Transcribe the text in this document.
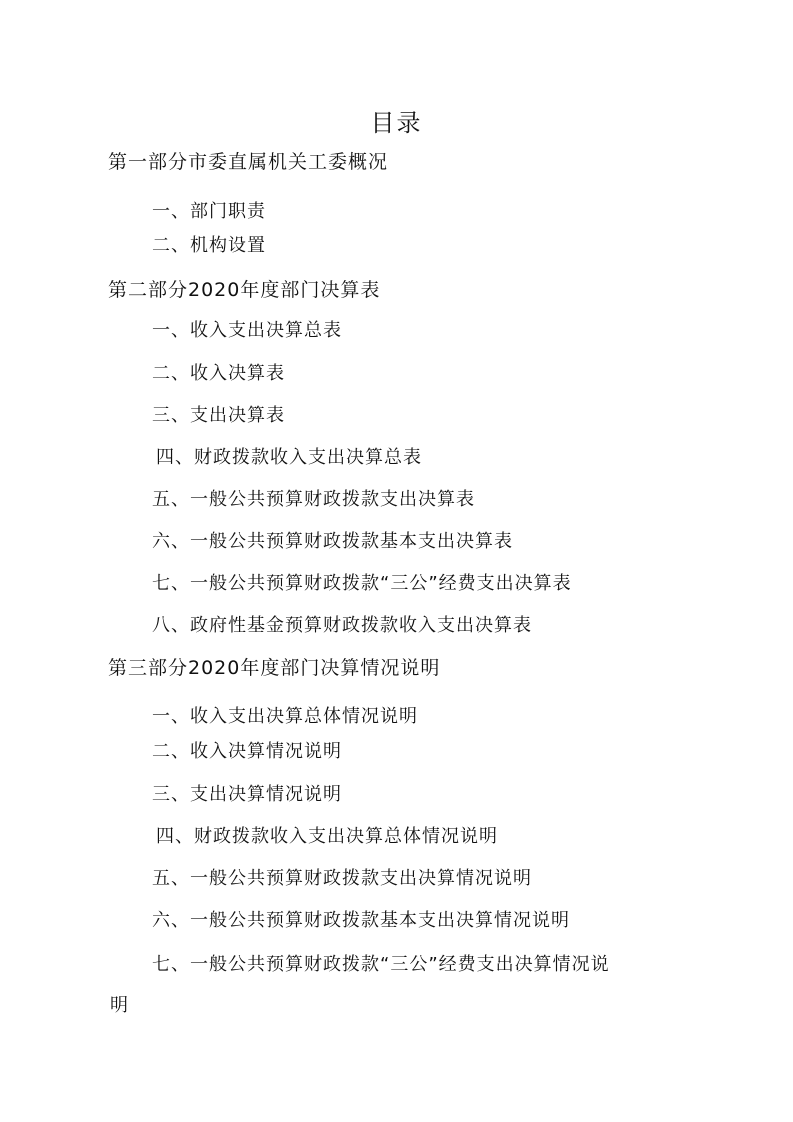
目录
第一部分市委直属机关工委概况
一、部门职责
二、机构设置
第二部分2020年度部门决算表
一、收入支出决算总表
二、收入决算表
三、支出决算表
四、财政拨款收入支出决算总表
五、一般公共预算财政拨款支出决算表
六、一般公共预算财政拨款基本支出决算表
七、一般公共预算财政拨款“三公”经费支出决算表
八、政府性基金预算财政拨款收入支出决算表
第三部分2020年度部门决算情况说明
一、收入支出决算总体情况说明
二、收入决算情况说明
三、支出决算情况说明
四、财政拨款收入支出决算总体情况说明
五、一般公共预算财政拨款支出决算情况说明
六、一般公共预算财政拨款基本支出决算情况说明
七、一般公共预算财政拨款“三公”经费支出决算情况说
明
